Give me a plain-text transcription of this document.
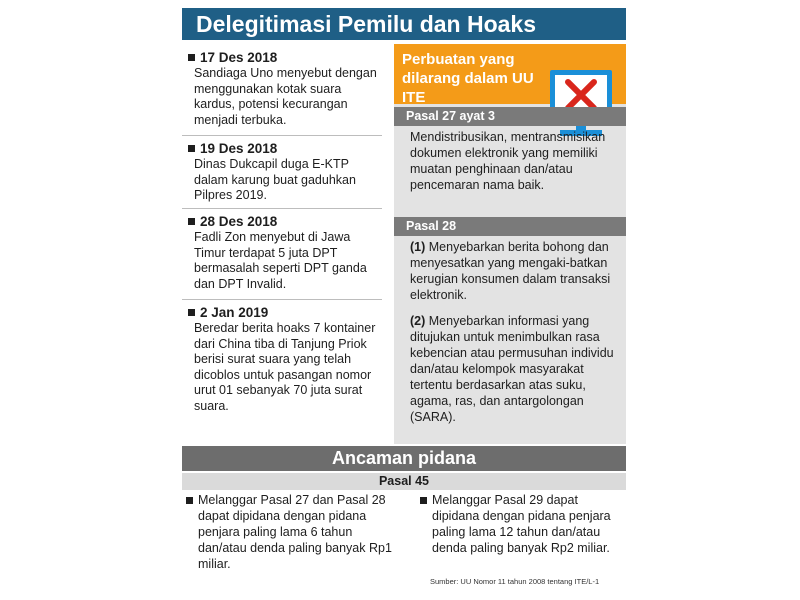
Delegitimasi Pemilu dan Hoaks
17 Des 2018
Sandiaga Uno menyebut dengan menggunakan kotak suara kardus, potensi kecurangan menjadi terbuka.
19 Des 2018
Dinas Dukcapil duga E-KTP dalam karung buat gaduhkan Pilpres 2019.
28 Des 2018
Fadli Zon menyebut di Jawa Timur terdapat 5 juta DPT bermasalah seperti DPT ganda dan DPT Invalid.
2 Jan 2019
Beredar berita hoaks 7 kontainer dari China tiba di Tanjung Priok berisi surat suara yang telah dicoblos untuk pasangan nomor urut 01 sebanyak 70 juta surat suara.
Perbuatan yang dilarang dalam UU ITE
Pasal 27 ayat 3
Mendistribusikan, mentransmisikan dokumen elektronik yang memiliki muatan penghinaan dan/atau pencemaran nama baik.
Pasal 28
(1) Menyebarkan berita bohong dan menyesatkan yang mengaki-batkan kerugian konsumen dalam transaksi elektronik.
(2) Menyebarkan informasi yang ditujukan untuk menimbulkan rasa kebencian atau permusuhan individu dan/atau kelompok masyarakat tertentu berdasarkan atas suku, agama, ras, dan antargolongan (SARA).
Ancaman pidana
Pasal 45
Melanggar Pasal 27 dan Pasal 28 dapat dipidana dengan pidana penjara paling lama 6 tahun dan/atau denda paling banyak Rp1 miliar.
Melanggar Pasal 29 dapat dipidana dengan pidana penjara paling lama 12 tahun dan/atau denda paling banyak Rp2 miliar.
Sumber: UU Nomor 11 tahun 2008 tentang ITE/L-1
